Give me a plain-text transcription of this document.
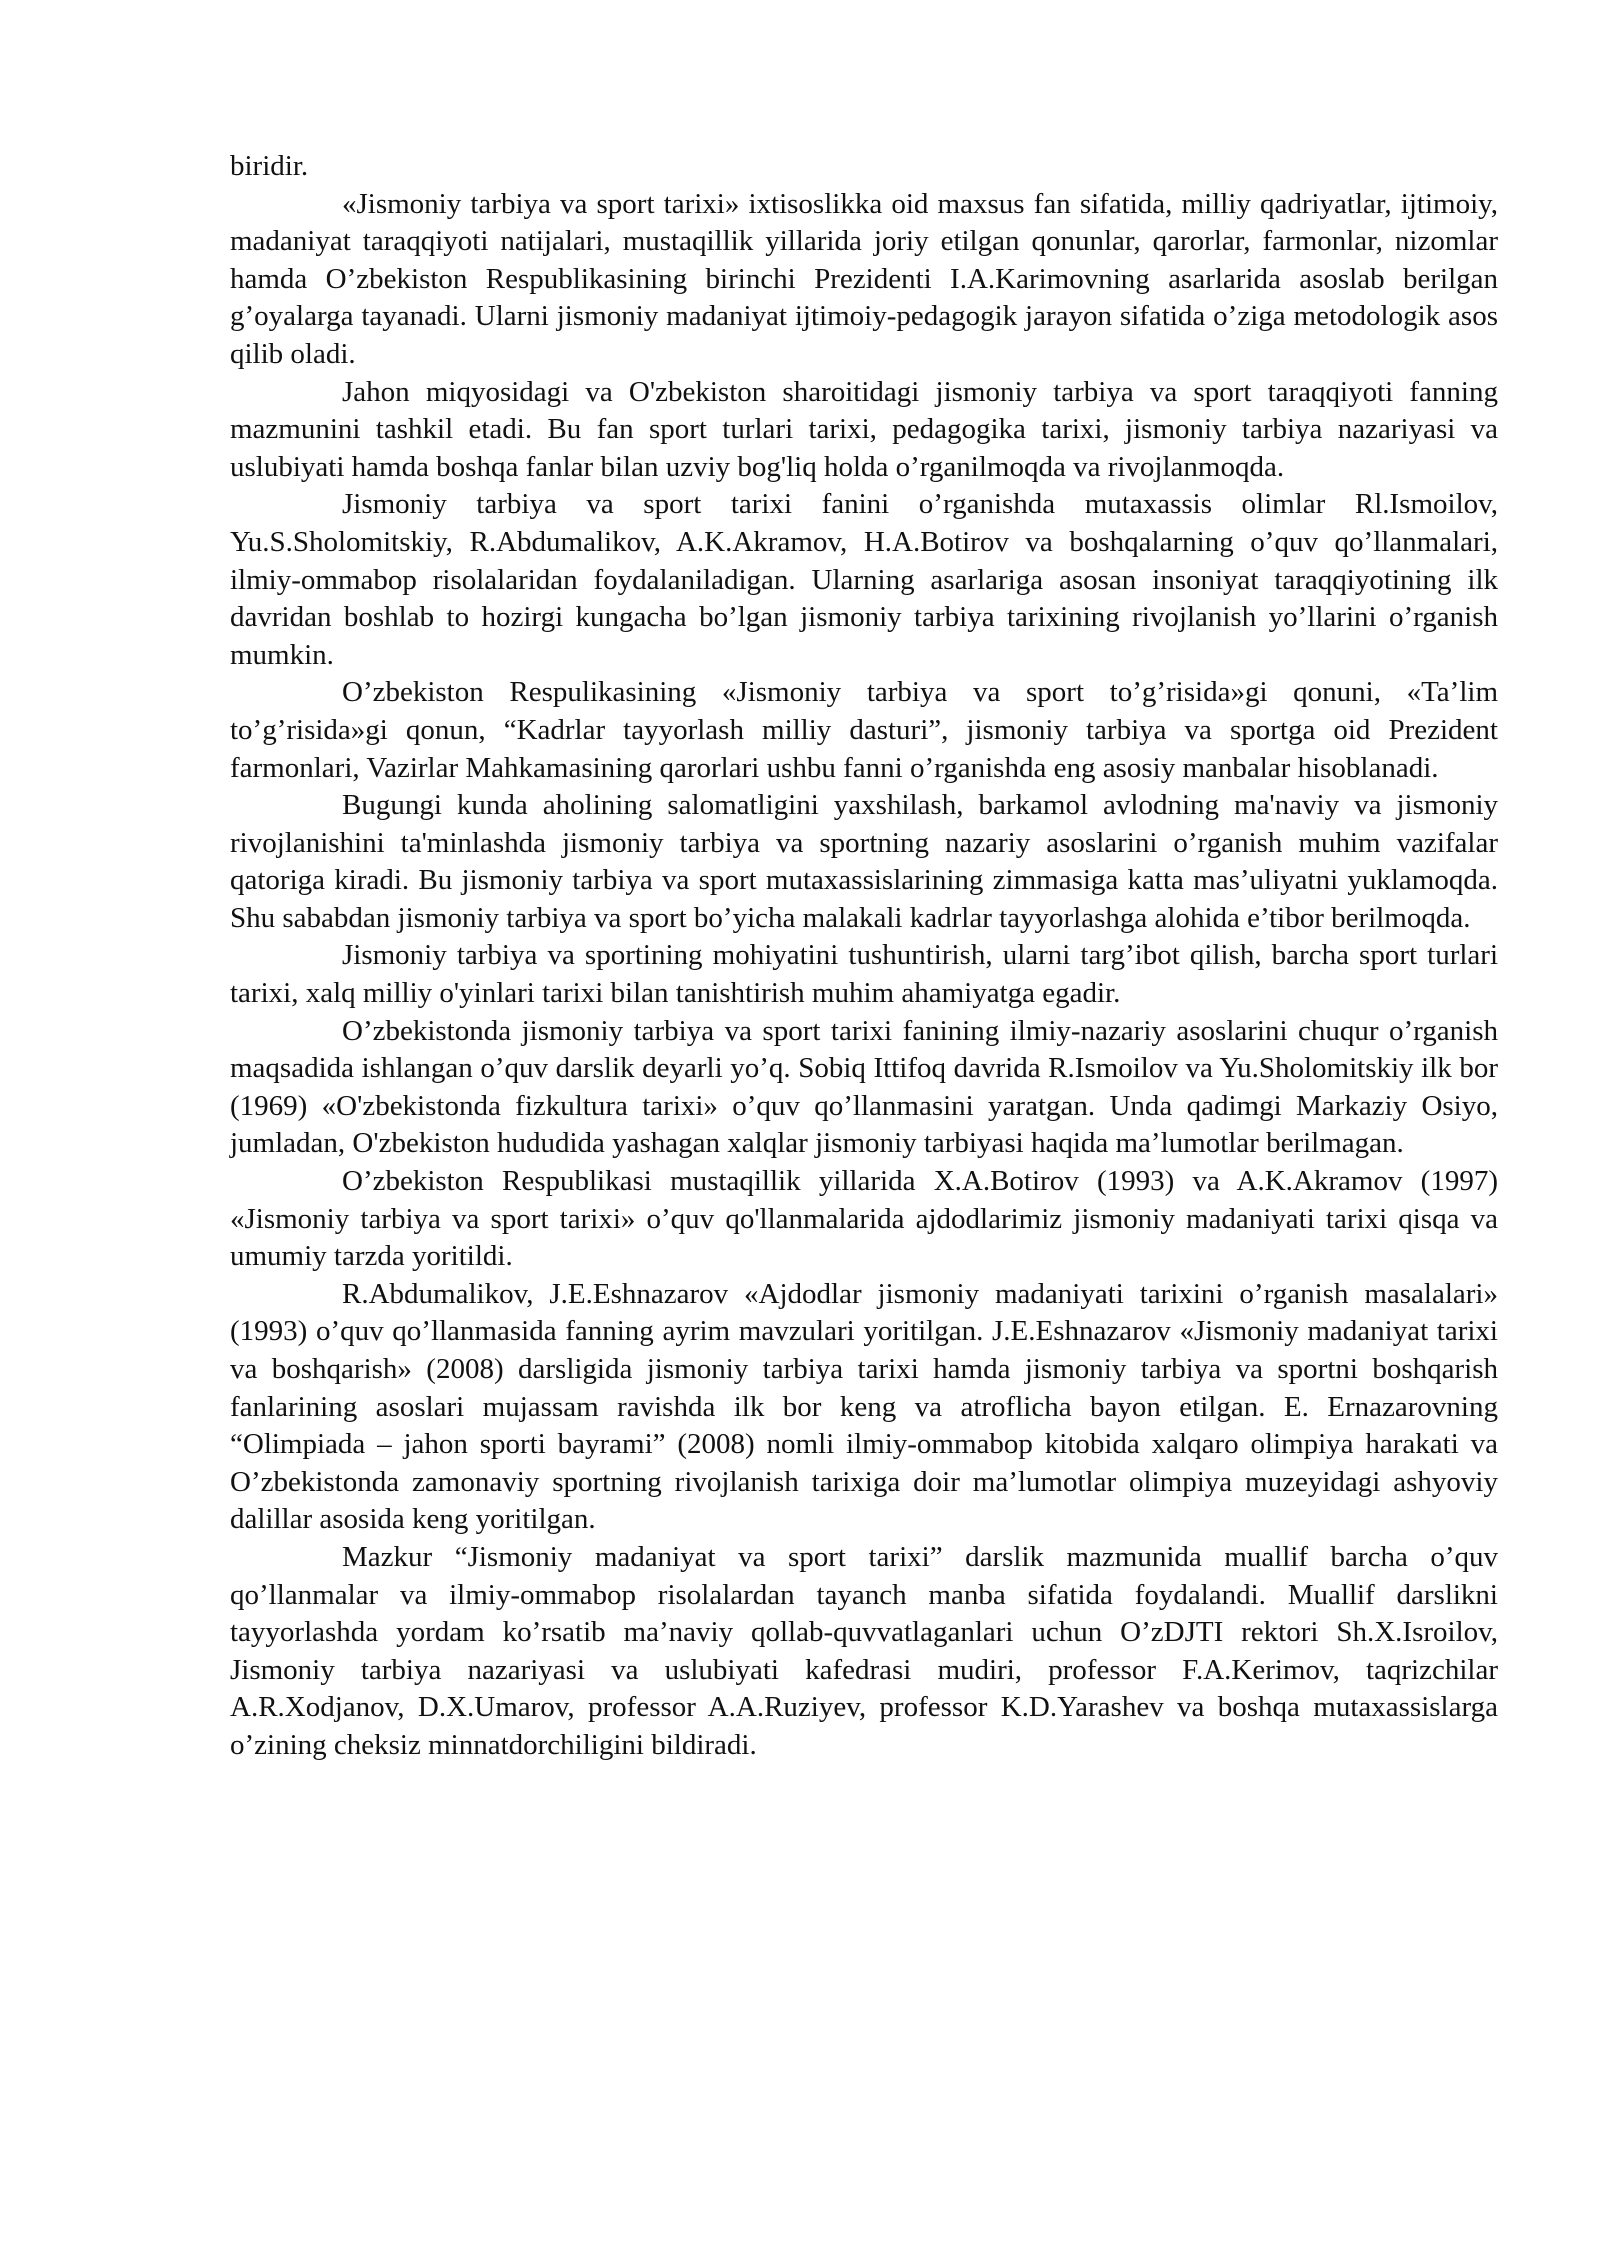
biridir.

«Jismoniy tarbiya va sport tarixi» ixtisoslikka oid maxsus fan sifatida, milliy qadriyatlar, ijtimoiy, madaniyat taraqqiyoti natijalari, mustaqillik yillarida joriy etilgan qonunlar, qarorlar, farmonlar, nizomlar hamda O’zbekiston Respublikasining birinchi Prezidenti I.A.Karimovning asarlarida asoslab berilgan g’oyalarga tayanadi. Ularni jismoniy madaniyat ijtimoiy-pedagogik jarayon sifatida o’ziga metodologik asos qilib oladi.

Jahon miqyosidagi va O'zbekiston sharoitidagi jismoniy tarbiya va sport taraqqiyoti fanning mazmunini tashkil etadi. Bu fan sport turlari tarixi, pedagogika tarixi, jismoniy tarbiya nazariyasi va uslubiyati hamda boshqa fanlar bilan uzviy bog'liq holda o’rganilmoqda va rivojlanmoqda.

Jismoniy tarbiya va sport tarixi fanini o’rganishda mutaxassis olimlar Rl.Ismoilov, Yu.S.Sholomitskiy, R.Abdumalikov, A.K.Akramov, H.A.Botirov va boshqalarning o’quv qo’llanmalari, ilmiy-ommabop risolalaridan foydalaniladigan. Ularning asarlariga asosan insoniyat taraqqiyotining ilk davridan boshlab to hozirgi kungacha bo’lgan jismoniy tarbiya tarixining rivojlanish yo’llarini o’rganish mumkin.

O’zbekiston Respulikasining «Jismoniy tarbiya va sport to’g’risida»gi qonuni, «Ta’lim to’g’risida»gi qonun, “Kadrlar tayyorlash milliy dasturi”, jismoniy tarbiya va sportga oid Prezident farmonlari, Vazirlar Mahkamasining qarorlari ushbu fanni o’rganishda eng asosiy manbalar hisoblanadi.

Bugungi kunda aholining salomatligini yaxshilash, barkamol avlodning ma'naviy va jismoniy rivojlanishini ta'minlashda jismoniy tarbiya va sportning nazariy asoslarini o’rganish muhim vazifalar qatoriga kiradi. Bu jismoniy tarbiya va sport mutaxassislarining zimmasiga katta mas’uliyatni yuklamoqda. Shu sababdan jismoniy tarbiya va sport bo’yicha malakali kadrlar tayyorlashga alohida e’tibor berilmoqda.

Jismoniy tarbiya va sportining mohiyatini tushuntirish, ularni targ’ibot qilish, barcha sport turlari tarixi, xalq milliy o'yinlari tarixi bilan tanishtirish muhim ahamiyatga egadir.

O’zbekistonda jismoniy tarbiya va sport tarixi fanining ilmiy-nazariy asoslarini chuqur o’rganish maqsadida ishlangan o’quv darslik deyarli yo’q. Sobiq Ittifoq davrida R.Ismoilov va Yu.Sholomitskiy ilk bor (1969) «O'zbekistonda fizkultura tarixi» o’quv qo’llanmasini yaratgan. Unda qadimgi Markaziy Osiyo, jumladan, O'zbekiston hududida yashagan xalqlar jismoniy tarbiyasi haqida ma’lumotlar berilmagan.

O’zbekiston Respublikasi mustaqillik yillarida X.A.Botirov (1993) va A.K.Akramov (1997) «Jismoniy tarbiya va sport tarixi» o’quv qo'llanmalarida ajdodlarimiz jismoniy madaniyati tarixi qisqa va umumiy tarzda yoritildi.

R.Abdumalikov, J.E.Eshnazarov «Ajdodlar jismoniy madaniyati tarixini o’rganish masalalari» (1993) o’quv qo’llanmasida fanning ayrim mavzulari yoritilgan. J.E.Eshnazarov «Jismoniy madaniyat tarixi va boshqarish» (2008) darsligida jismoniy tarbiya tarixi hamda jismoniy tarbiya va sportni boshqarish fanlarining asoslari mujassam ravishda ilk bor keng va atroflicha bayon etilgan. E. Ernazarovning “Olimpiada – jahon sporti bayrami” (2008) nomli ilmiy-ommabop kitobida xalqaro olimpiya harakati va O’zbekistonda zamonaviy sportning rivojlanish tarixiga doir ma’lumotlar olimpiya muzeyidagi ashyoviy dalillar asosida keng yoritilgan.

Mazkur “Jismoniy madaniyat va sport tarixi” darslik mazmunida muallif barcha o’quv qo’llanmalar va ilmiy-ommabop risolalardan tayanch manba sifatida foydalandi. Muallif darslikni tayyorlashda yordam ko’rsatib ma’naviy qollab-quvvatlaganlari uchun O’zDJTI rektori Sh.X.Isroilov, Jismoniy tarbiya nazariyasi va uslubiyati kafedrasi mudiri, professor F.A.Kerimov, taqrizchilar A.R.Xodjanov, D.X.Umarov, professor A.A.Ruziyev, professor K.D.Yarashev va boshqa mutaxassislarga o’zining cheksiz minnatdorchiligini bildiradi.
